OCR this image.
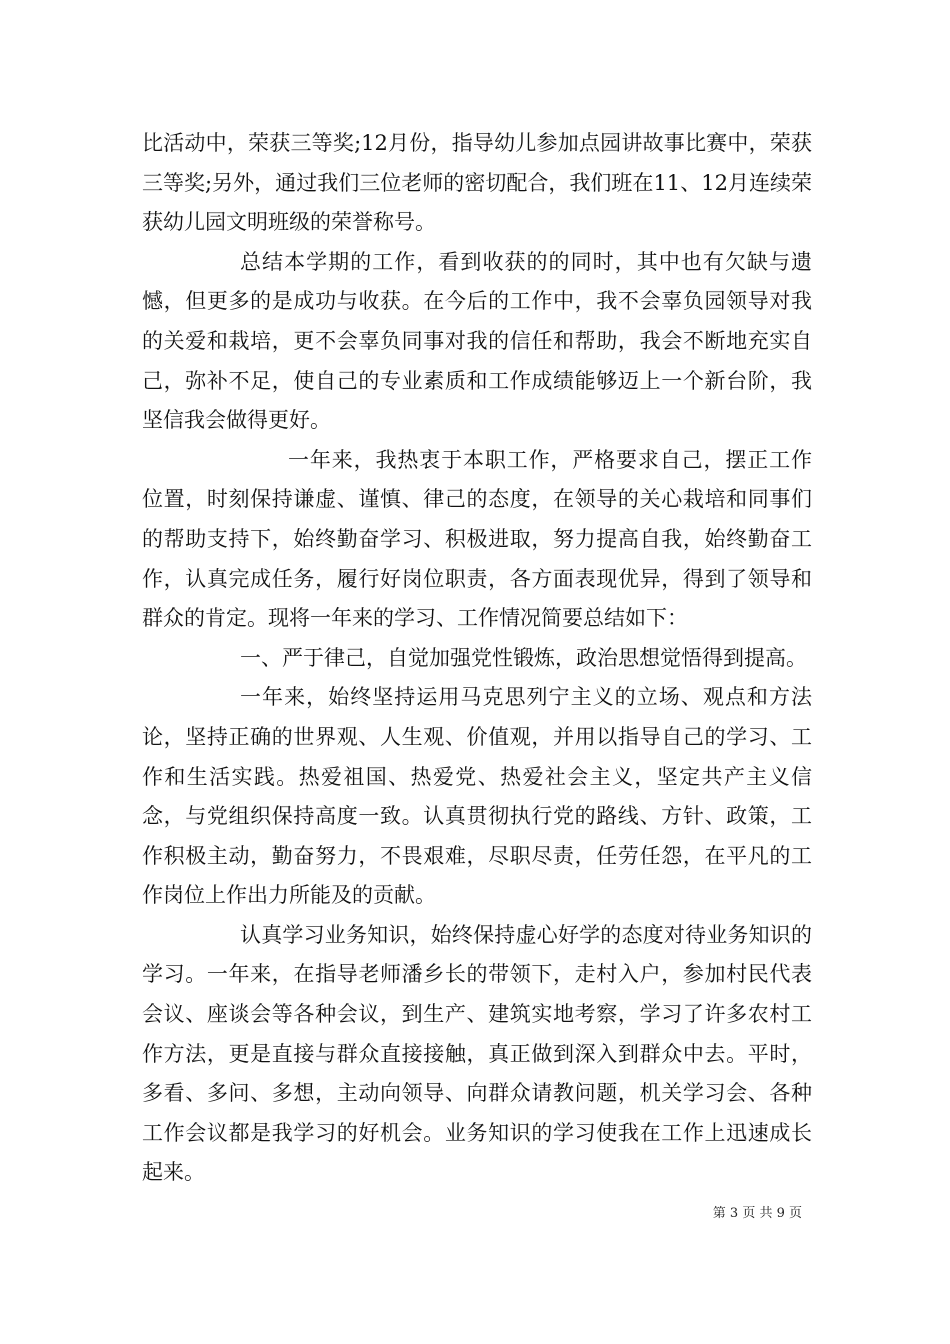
比活动中，荣获三等奖;12月份，指导幼儿参加点园讲故事比赛中，荣获三等奖;另外，通过我们三位老师的密切配合，我们班在11、12月连续荣获幼儿园文明班级的荣誉称号。

总结本学期的工作，看到收获的的同时，其中也有欠缺与遗憾，但更多的是成功与收获。在今后的工作中，我不会辜负园领导对我的关爱和栽培，更不会辜负同事对我的信任和帮助，我会不断地充实自己，弥补不足，使自己的专业素质和工作成绩能够迈上一个新台阶，我坚信我会做得更好。

一年来，我热衷于本职工作，严格要求自己，摆正工作位置，时刻保持谦虚、谨慎、律己的态度，在领导的关心栽培和同事们的帮助支持下，始终勤奋学习、积极进取，努力提高自我，始终勤奋工作，认真完成任务，履行好岗位职责，各方面表现优异，得到了领导和群众的肯定。现将一年来的学习、工作情况简要总结如下：

一、严于律己，自觉加强党性锻炼，政治思想觉悟得到提高。

一年来，始终坚持运用马克思列宁主义的立场、观点和方法论，坚持正确的世界观、人生观、价值观，并用以指导自己的学习、工作和生活实践。热爱祖国、热爱党、热爱社会主义，坚定共产主义信念，与党组织保持高度一致。认真贯彻执行党的路线、方针、政策，工作积极主动，勤奋努力，不畏艰难，尽职尽责，任劳任怨，在平凡的工作岗位上作出力所能及的贡献。

认真学习业务知识，始终保持虚心好学的态度对待业务知识的学习。一年来，在指导老师潘乡长的带领下，走村入户，参加村民代表会议、座谈会等各种会议，到生产、建筑实地考察，学习了许多农村工作方法，更是直接与群众直接接触，真正做到深入到群众中去。平时，多看、多问、多想，主动向领导、向群众请教问题，机关学习会、各种工作会议都是我学习的好机会。业务知识的学习使我在工作上迅速成长起来。

第 3 页 共 9 页
